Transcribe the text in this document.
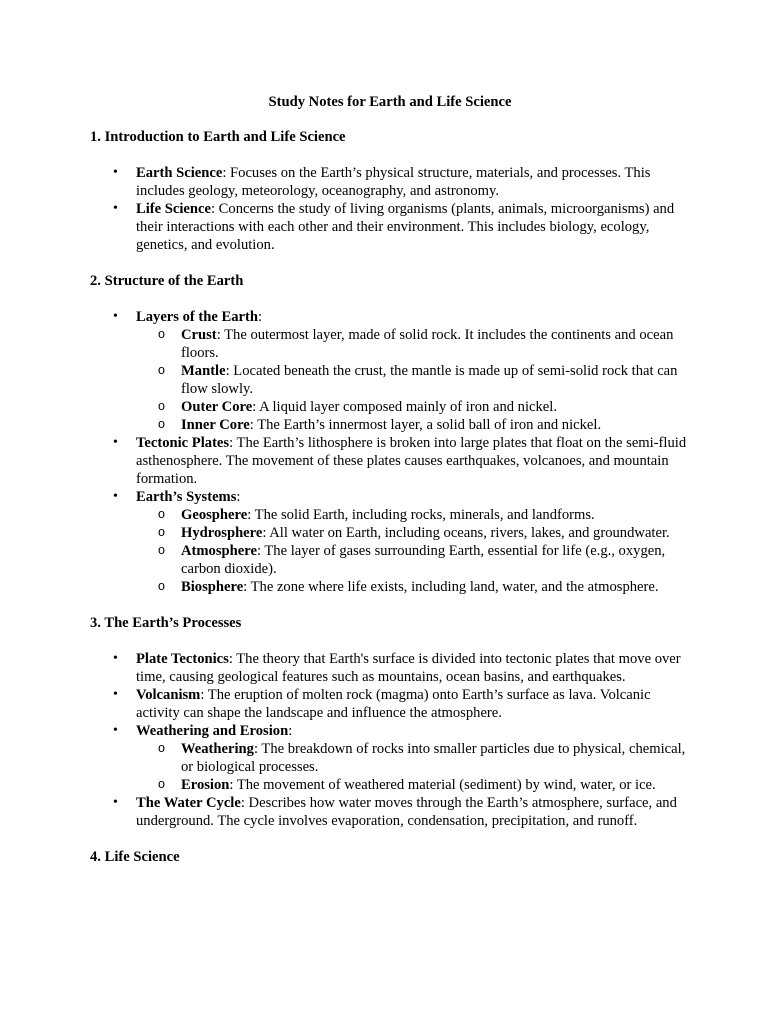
Study Notes for Earth and Life Science

1. Introduction to Earth and Life Science

• Earth Science: Focuses on the Earth’s physical structure, materials, and processes. This includes geology, meteorology, oceanography, and astronomy.
• Life Science: Concerns the study of living organisms (plants, animals, microorganisms) and their interactions with each other and their environment. This includes biology, ecology, genetics, and evolution.

2. Structure of the Earth

• Layers of the Earth:
o Crust: The outermost layer, made of solid rock. It includes the continents and ocean floors.
o Mantle: Located beneath the crust, the mantle is made up of semi-solid rock that can flow slowly.
o Outer Core: A liquid layer composed mainly of iron and nickel.
o Inner Core: The Earth’s innermost layer, a solid ball of iron and nickel.
• Tectonic Plates: The Earth’s lithosphere is broken into large plates that float on the semi-fluid asthenosphere. The movement of these plates causes earthquakes, volcanoes, and mountain formation.
• Earth’s Systems:
o Geosphere: The solid Earth, including rocks, minerals, and landforms.
o Hydrosphere: All water on Earth, including oceans, rivers, lakes, and groundwater.
o Atmosphere: The layer of gases surrounding Earth, essential for life (e.g., oxygen, carbon dioxide).
o Biosphere: The zone where life exists, including land, water, and the atmosphere.

3. The Earth’s Processes

• Plate Tectonics: The theory that Earth's surface is divided into tectonic plates that move over time, causing geological features such as mountains, ocean basins, and earthquakes.
• Volcanism: The eruption of molten rock (magma) onto Earth’s surface as lava. Volcanic activity can shape the landscape and influence the atmosphere.
• Weathering and Erosion:
o Weathering: The breakdown of rocks into smaller particles due to physical, chemical, or biological processes.
o Erosion: The movement of weathered material (sediment) by wind, water, or ice.
• The Water Cycle: Describes how water moves through the Earth’s atmosphere, surface, and underground. The cycle involves evaporation, condensation, precipitation, and runoff.

4. Life Science
